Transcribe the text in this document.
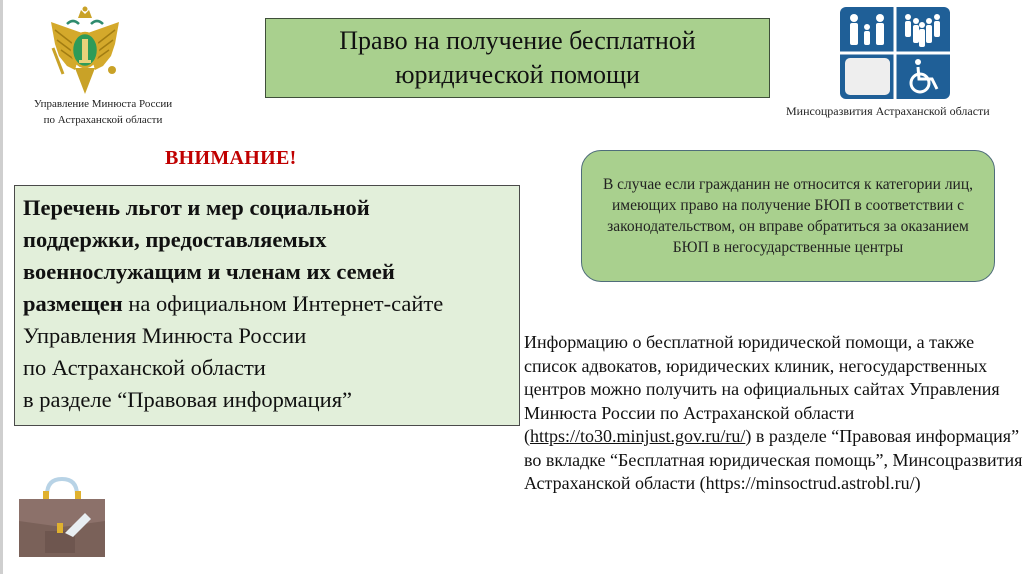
Управление Минюста России
по Астраханской области
Право на получение бесплатной
юридической помощи
Минсоцразвития Астраханской области
ВНИМАНИЕ!
Перечень льгот и мер социальной
поддержки, предоставляемых
военнослужащим и членам их семей
размещен на официальном Интернет-сайте
Управления Минюста России
по Астраханской области
в разделе “Правовая информация”
В случае если гражданин не относится к категории лиц, имеющих право на получение БЮП в соответствии с законодательством, он вправе обратиться за оказанием БЮП в негосударственные центры
Информацию о бесплатной юридической помощи, а также список адвокатов, юридических клиник, негосударственных центров можно получить на официальных сайтах Управления Минюста России по Астраханской области (https://to30.minjust.gov.ru/ru/) в разделе “Правовая информация” во вкладке “Бесплатная юридическая помощь”, Минсоцразвития Астраханской области (https://minsoctrud.astrobl.ru/)
